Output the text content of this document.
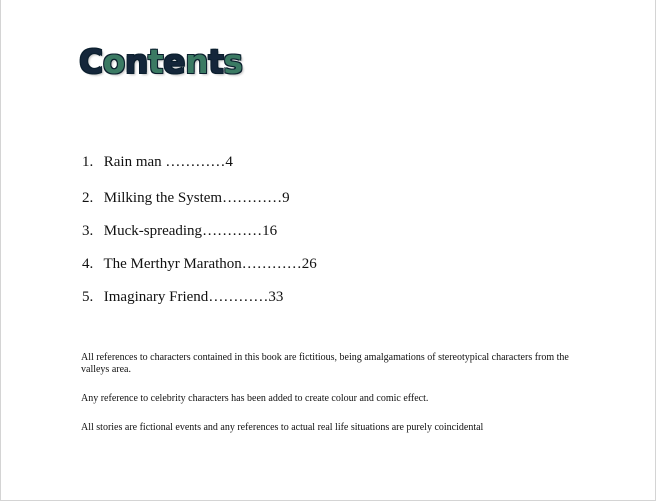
Contents
1. Rain man …………4
2. Milking the System…………9
3. Muck-spreading…………16
4. The Merthyr Marathon…………26
5. Imaginary Friend…………33

All references to characters contained in this book are fictitious, being amalgamations of stereotypical characters from the valleys area.

Any reference to celebrity characters has been added to create colour and comic effect.

All stories are fictional events and any references to actual real life situations are purely coincidental
